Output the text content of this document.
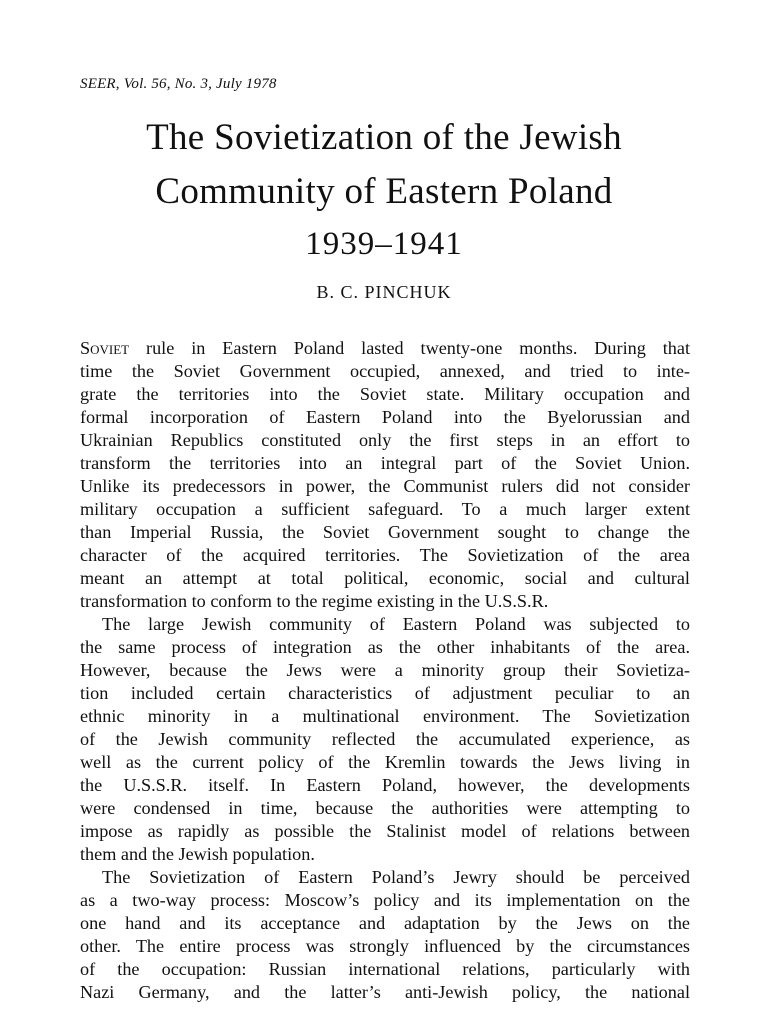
SEER, Vol. 56, No. 3, July 1978
The Sovietization of the Jewish
Community of Eastern Poland
1939–1941
B. C. PINCHUK
Soviet rule in Eastern Poland lasted twenty-one months. During that
time the Soviet Government occupied, annexed, and tried to inte-
grate the territories into the Soviet state. Military occupation and
formal incorporation of Eastern Poland into the Byelorussian and
Ukrainian Republics constituted only the first steps in an effort to
transform the territories into an integral part of the Soviet Union.
Unlike its predecessors in power, the Communist rulers did not consider
military occupation a sufficient safeguard. To a much larger extent
than Imperial Russia, the Soviet Government sought to change the
character of the acquired territories. The Sovietization of the area
meant an attempt at total political, economic, social and cultural
transformation to conform to the regime existing in the U.S.S.R.
The large Jewish community of Eastern Poland was subjected to
the same process of integration as the other inhabitants of the area.
However, because the Jews were a minority group their Sovietiza-
tion included certain characteristics of adjustment peculiar to an
ethnic minority in a multinational environment. The Sovietization
of the Jewish community reflected the accumulated experience, as
well as the current policy of the Kremlin towards the Jews living in
the U.S.S.R. itself. In Eastern Poland, however, the developments
were condensed in time, because the authorities were attempting to
impose as rapidly as possible the Stalinist model of relations between
them and the Jewish population.
The Sovietization of Eastern Poland’s Jewry should be perceived
as a two-way process: Moscow’s policy and its implementation on the
one hand and its acceptance and adaptation by the Jews on the
other. The entire process was strongly influenced by the circumstances
of the occupation: Russian international relations, particularly with
Nazi Germany, and the latter’s anti-Jewish policy, the national
